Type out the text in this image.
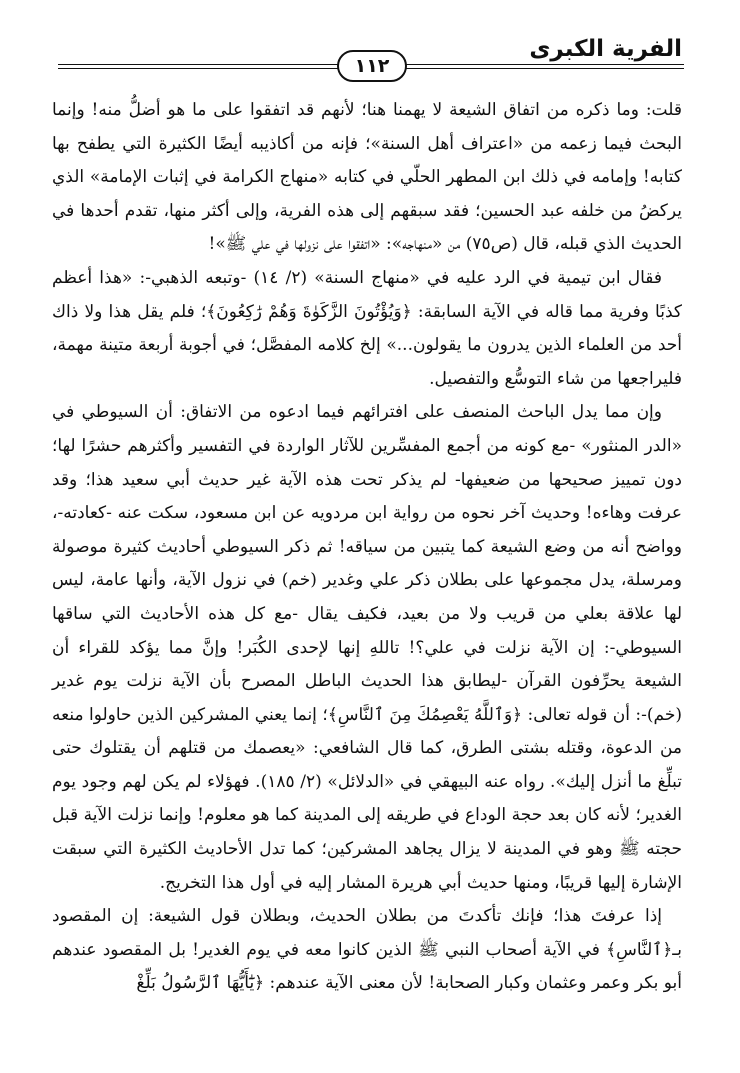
الفرية الكبرى
١١٢

قلت: وما ذكره من اتفاق الشيعة لا يهمنا هنا؛ لأنهم قد اتفقوا على ما هو أضلُّ منه! وإنما البحث فيما زعمه من «اعتراف أهل السنة»؛ فإنه من أكاذيبه أيضًا الكثيرة التي يطفح بها كتابه! وإمامه في ذلك ابن المطهر الحلّي في كتابه «منهاج الكرامة في إثبات الإمامة» الذي يركضُ من خلفه عبد الحسين؛ فقد سبقهم إلى هذه الفرية، وإلى أكثر منها، تقدم أحدها في الحديث الذي قبله، قال (ص٧٥) من «منهاجه»: «اتفقوا على نزولها في علي ﷺ»!

فقال ابن تيمية في الرد عليه في «منهاج السنة» (٢/ ١٤) -وتبعه الذهبي-: «هذا أعظم كذبًا وفرية مما قاله في الآية السابقة: ﴿وَيُؤْتُونَ الزَّكَوٰةَ وَهُمْ رَٰكِعُونَ﴾؛ فلم يقل هذا ولا ذاك أحد من العلماء الذين يدرون ما يقولون...» إلخ كلامه المفصَّل؛ في أجوبة أربعة متينة مهمة، فليراجعها من شاء التوسُّع والتفصيل.

وإن مما يدل الباحث المنصف على افترائهم فيما ادعوه من الاتفاق: أن السيوطي في «الدر المنثور» -مع كونه من أجمع المفسِّرين للآثار الواردة في التفسير وأكثرهم حشرًا لها؛ دون تمييز صحيحها من ضعيفها- لم يذكر تحت هذه الآية غير حديث أبي سعيد هذا؛ وقد عرفت وهاءه! وحديث آخر نحوه من رواية ابن مردويه عن ابن مسعود، سكت عنه -كعادته-، وواضح أنه من وضع الشيعة كما يتبين من سياقه! ثم ذكر السيوطي أحاديث كثيرة موصولة ومرسلة، يدل مجموعها على بطلان ذكر علي وغدير (خم) في نزول الآية، وأنها عامة، ليس لها علاقة بعلي من قريب ولا من بعيد، فكيف يقال -مع كل هذه الأحاديث التي ساقها السيوطي-: إن الآية نزلت في علي؟! تاللهِ إنها لإحدى الكُبَر! وإنَّ مما يؤكد للقراء أن الشيعة يحرِّفون القرآن -ليطابق هذا الحديث الباطل المصرح بأن الآية نزلت يوم غدير (خم)-: أن قوله تعالى: ﴿وَٱللَّهُ يَعْصِمُكَ مِنَ ٱلنَّاسِ﴾؛ إنما يعني المشركين الذين حاولوا منعه من الدعوة، وقتله بشتى الطرق، كما قال الشافعي: «يعصمك من قتلهم أن يقتلوك حتى تبلِّغ ما أنزل إليك». رواه عنه البيهقي في «الدلائل» (٢/ ١٨٥). فهؤلاء لم يكن لهم وجود يوم الغدير؛ لأنه كان بعد حجة الوداع في طريقه إلى المدينة كما هو معلوم! وإنما نزلت الآية قبل حجته ﷺ وهو في المدينة لا يزال يجاهد المشركين؛ كما تدل الأحاديث الكثيرة التي سبقت الإشارة إليها قريبًا، ومنها حديث أبي هريرة المشار إليه في أول هذا التخريج.

إذا عرفتَ هذا؛ فإنك تأكدتَ من بطلان الحديث، وبطلان قول الشيعة: إن المقصود بـ﴿ٱلنَّاسِ﴾ في الآية أصحاب النبي ﷺ الذين كانوا معه في يوم الغدير! بل المقصود عندهم أبو بكر وعمر وعثمان وكبار الصحابة! لأن معنى الآية عندهم: ﴿يَٰٓأَيُّهَا ٱلرَّسُولُ بَلِّغْ
